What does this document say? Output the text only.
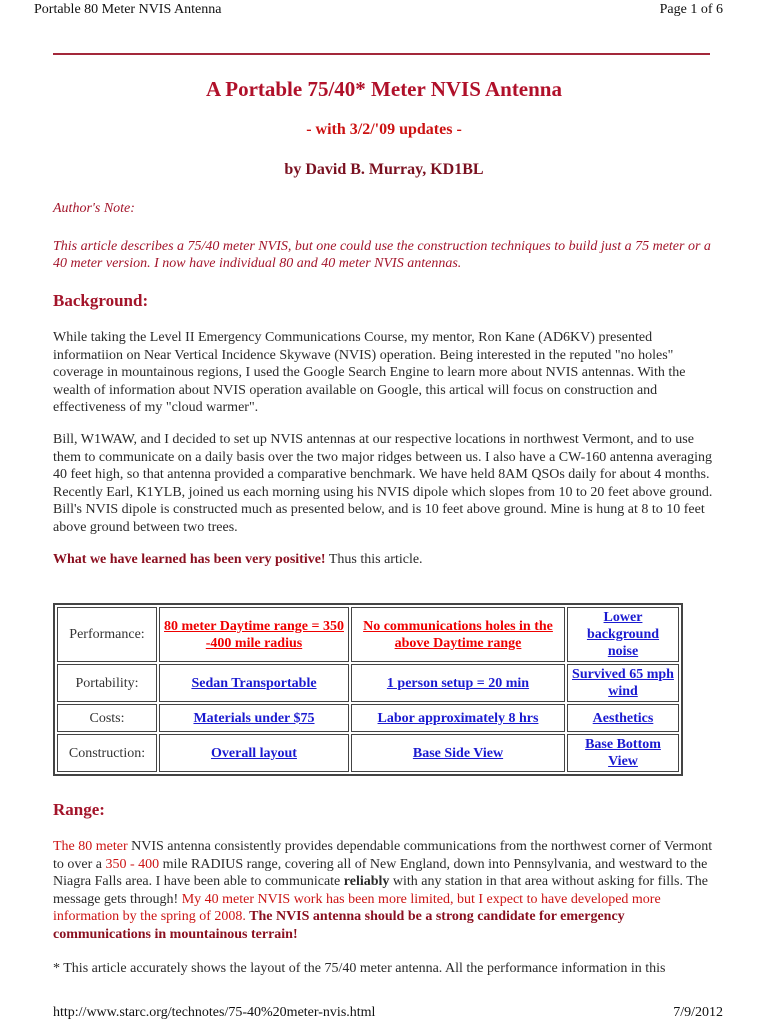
Portable 80 Meter NVIS Antenna	Page 1 of 6
A Portable 75/40* Meter NVIS Antenna
- with 3/2/'09 updates -
by David B. Murray, KD1BL
Author's Note:
This article describes a 75/40 meter NVIS, but one could use the construction techniques to build just a 75 meter or a 40 meter version. I now have individual 80 and 40 meter NVIS antennas.
Background:
While taking the Level II Emergency Communications Course, my mentor, Ron Kane (AD6KV) presented informatiion on Near Vertical Incidence Skywave (NVIS) operation. Being interested in the reputed "no holes" coverage in mountainous regions, I used the Google Search Engine to learn more about NVIS antennas. With the wealth of information about NVIS operation available on Google, this artical will focus on construction and effectiveness of my "cloud warmer".
Bill, W1WAW, and I decided to set up NVIS antennas at our respective locations in northwest Vermont, and to use them to communicate on a daily basis over the two major ridges between us. I also have a CW-160 antenna averaging 40 feet high, so that antenna provided a comparative benchmark. We have held 8AM QSOs daily for about 4 months. Recently Earl, K1YLB, joined us each morning using his NVIS dipole which slopes from 10 to 20 feet above ground. Bill's NVIS dipole is constructed much as presented below, and is 10 feet above ground. Mine is hung at 8 to 10 feet above ground between two trees.
What we have learned has been very positive! Thus this article.
Performance:	80 meter Daytime range = 350 -400 mile radius	No communications holes in the above Daytime range	Lower background noise
Portability:	Sedan Transportable	1 person setup = 20 min	Survived 65 mph wind
Costs:	Materials under $75	Labor approximately 8 hrs	Aesthetics
Construction:	Overall layout	Base Side View	Base Bottom View
Range:
The 80 meter NVIS antenna consistently provides dependable communications from the northwest corner of Vermont to over a 350 - 400 mile RADIUS range, covering all of New England, down into Pennsylvania, and westward to the Niagra Falls area. I have been able to communicate reliably with any station in that area without asking for fills. The message gets through! My 40 meter NVIS work has been more limited, but I expect to have developed more information by the spring of 2008. The NVIS antenna should be a strong candidate for emergency communications in mountainous terrain!
* This article accurately shows the layout of the 75/40 meter antenna. All the performance information in this
http://www.starc.org/technotes/75-40%20meter-nvis.html	7/9/2012
